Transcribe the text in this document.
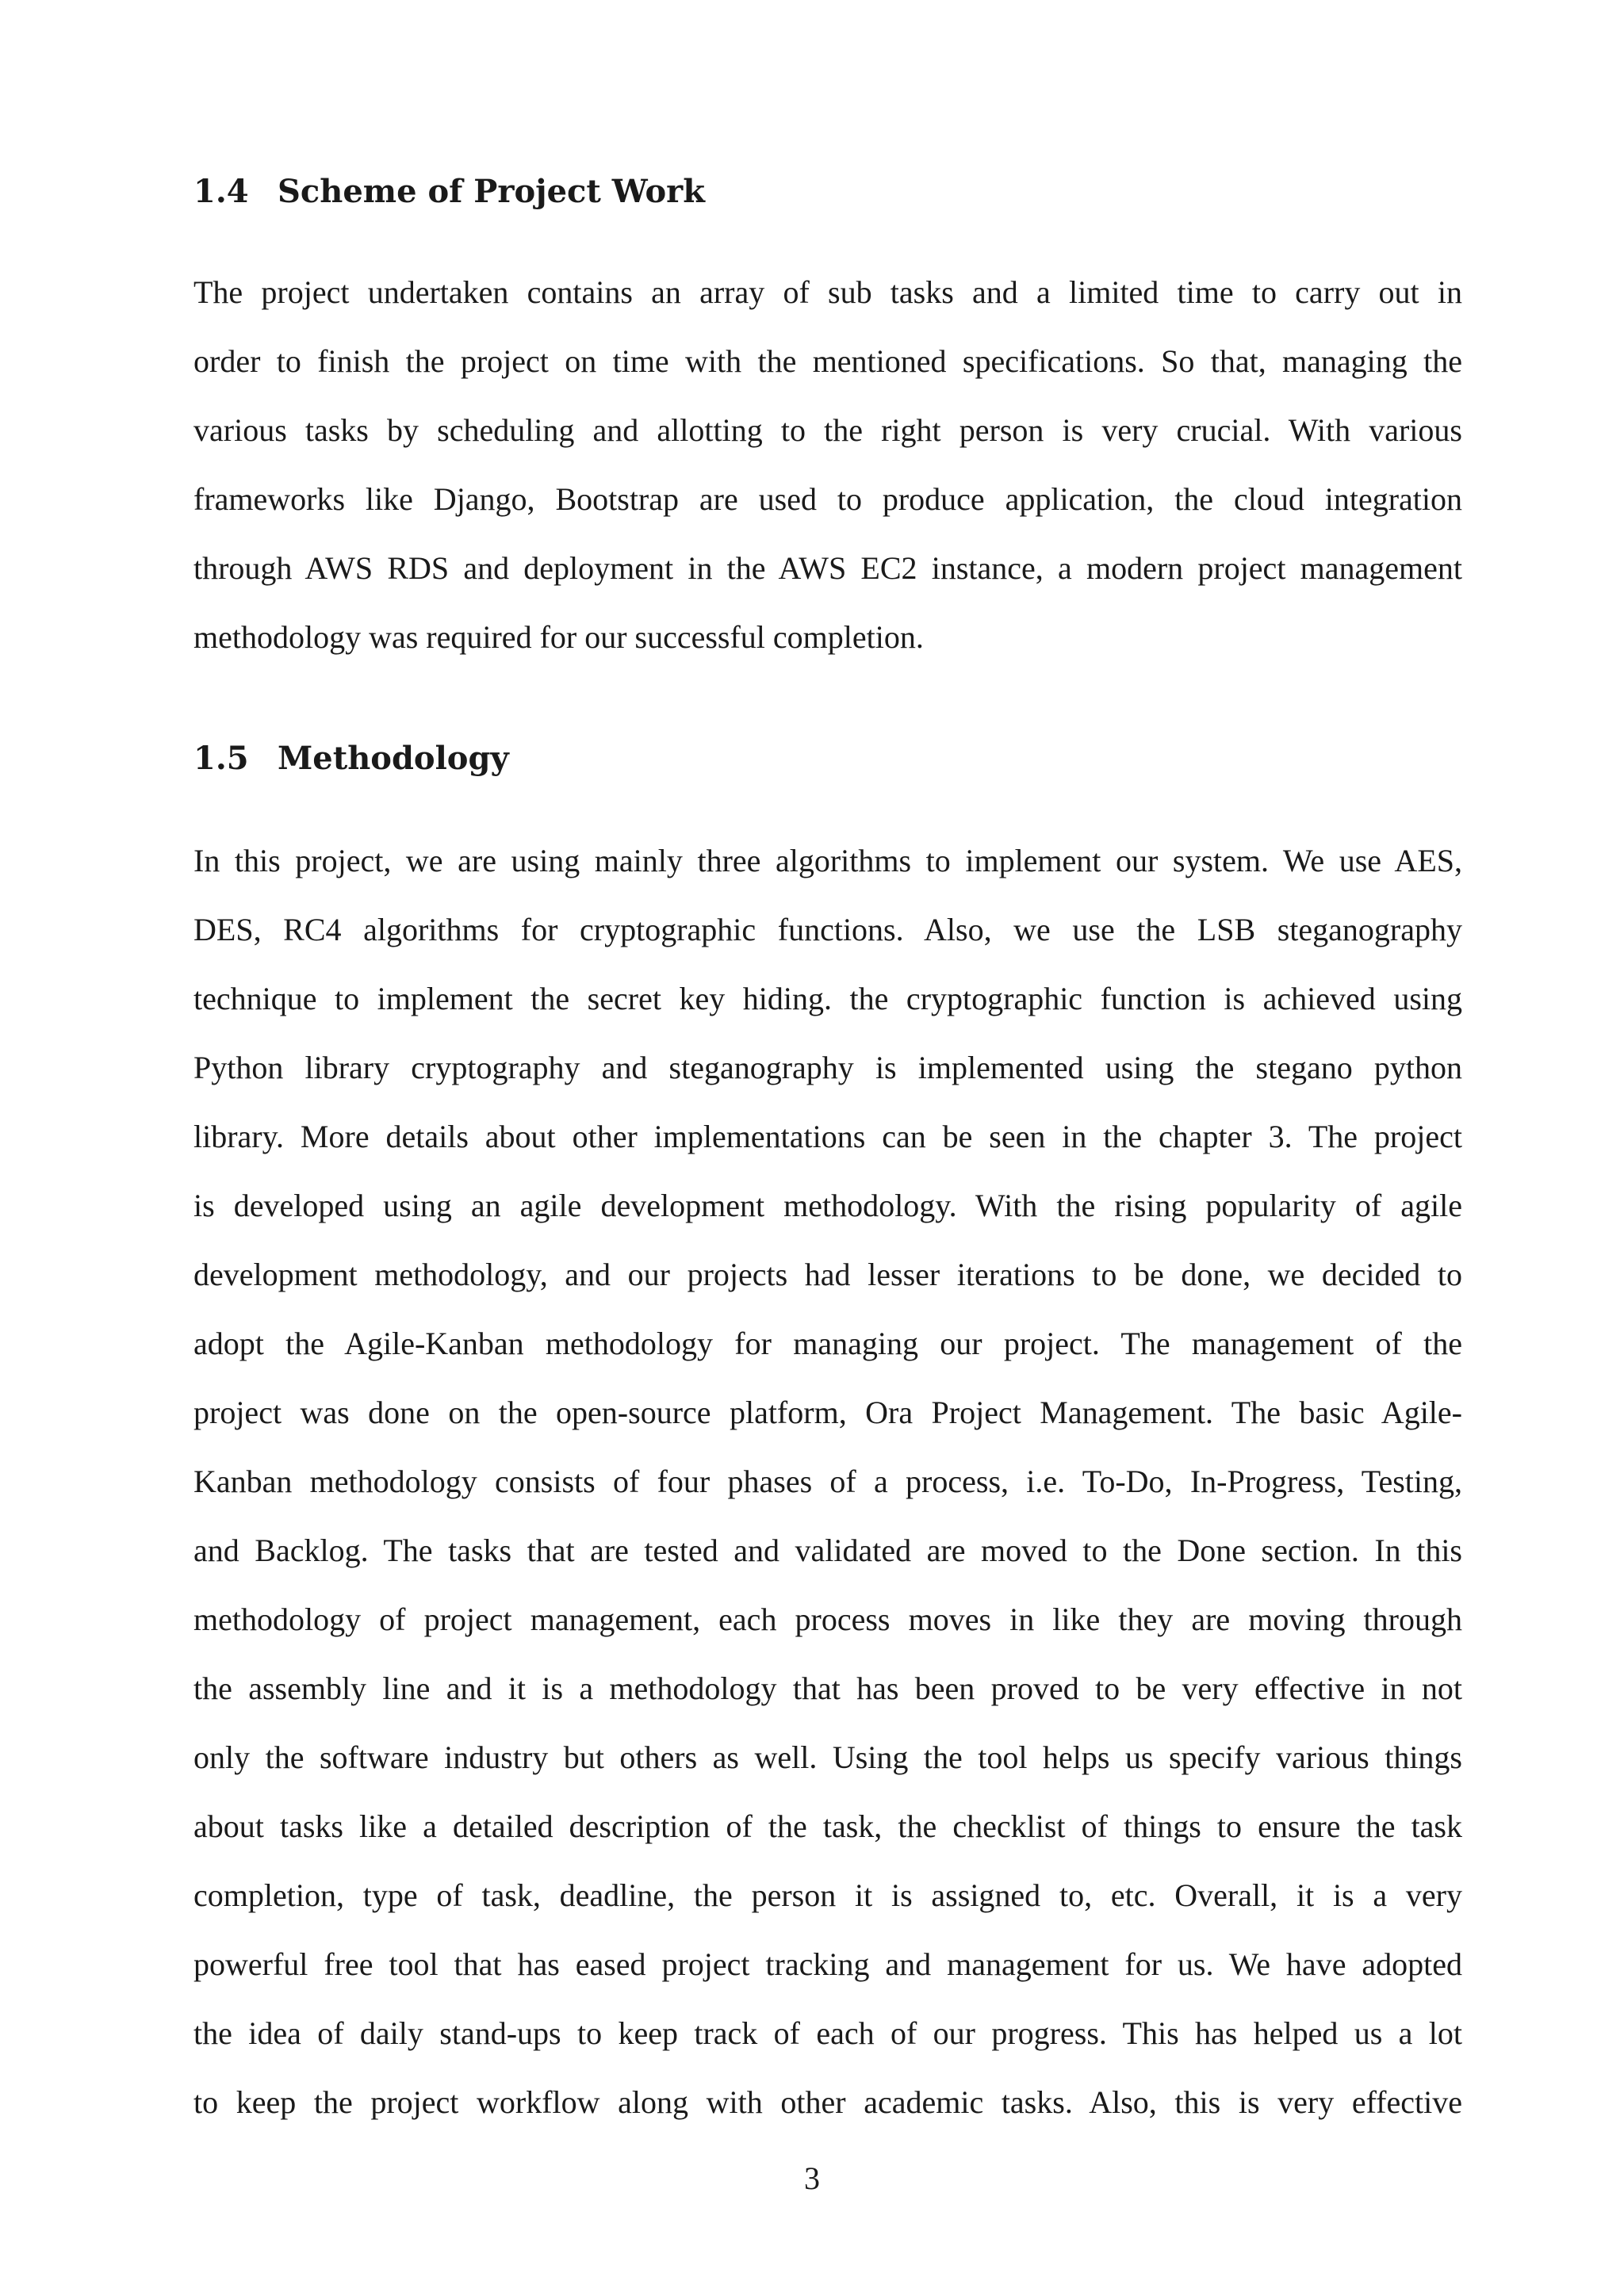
1.4 Scheme of Project Work
The project undertaken contains an array of sub tasks and a limited time to carry out in
order to finish the project on time with the mentioned specifications. So that, managing the
various tasks by scheduling and allotting to the right person is very crucial. With various
frameworks like Django, Bootstrap are used to produce application, the cloud integration
through AWS RDS and deployment in the AWS EC2 instance, a modern project management
methodology was required for our successful completion.
1.5 Methodology
In this project, we are using mainly three algorithms to implement our system. We use AES,
DES, RC4 algorithms for cryptographic functions. Also, we use the LSB steganography
technique to implement the secret key hiding. the cryptographic function is achieved using
Python library cryptography and steganography is implemented using the stegano python
library. More details about other implementations can be seen in the chapter 3. The project
is developed using an agile development methodology. With the rising popularity of agile
development methodology, and our projects had lesser iterations to be done, we decided to
adopt the Agile-Kanban methodology for managing our project. The management of the
project was done on the open-source platform, Ora Project Management. The basic Agile-
Kanban methodology consists of four phases of a process, i.e. To-Do, In-Progress, Testing,
and Backlog. The tasks that are tested and validated are moved to the Done section. In this
methodology of project management, each process moves in like they are moving through
the assembly line and it is a methodology that has been proved to be very effective in not
only the software industry but others as well. Using the tool helps us specify various things
about tasks like a detailed description of the task, the checklist of things to ensure the task
completion, type of task, deadline, the person it is assigned to, etc. Overall, it is a very
powerful free tool that has eased project tracking and management for us. We have adopted
the idea of daily stand-ups to keep track of each of our progress. This has helped us a lot
to keep the project workflow along with other academic tasks. Also, this is very effective
3
